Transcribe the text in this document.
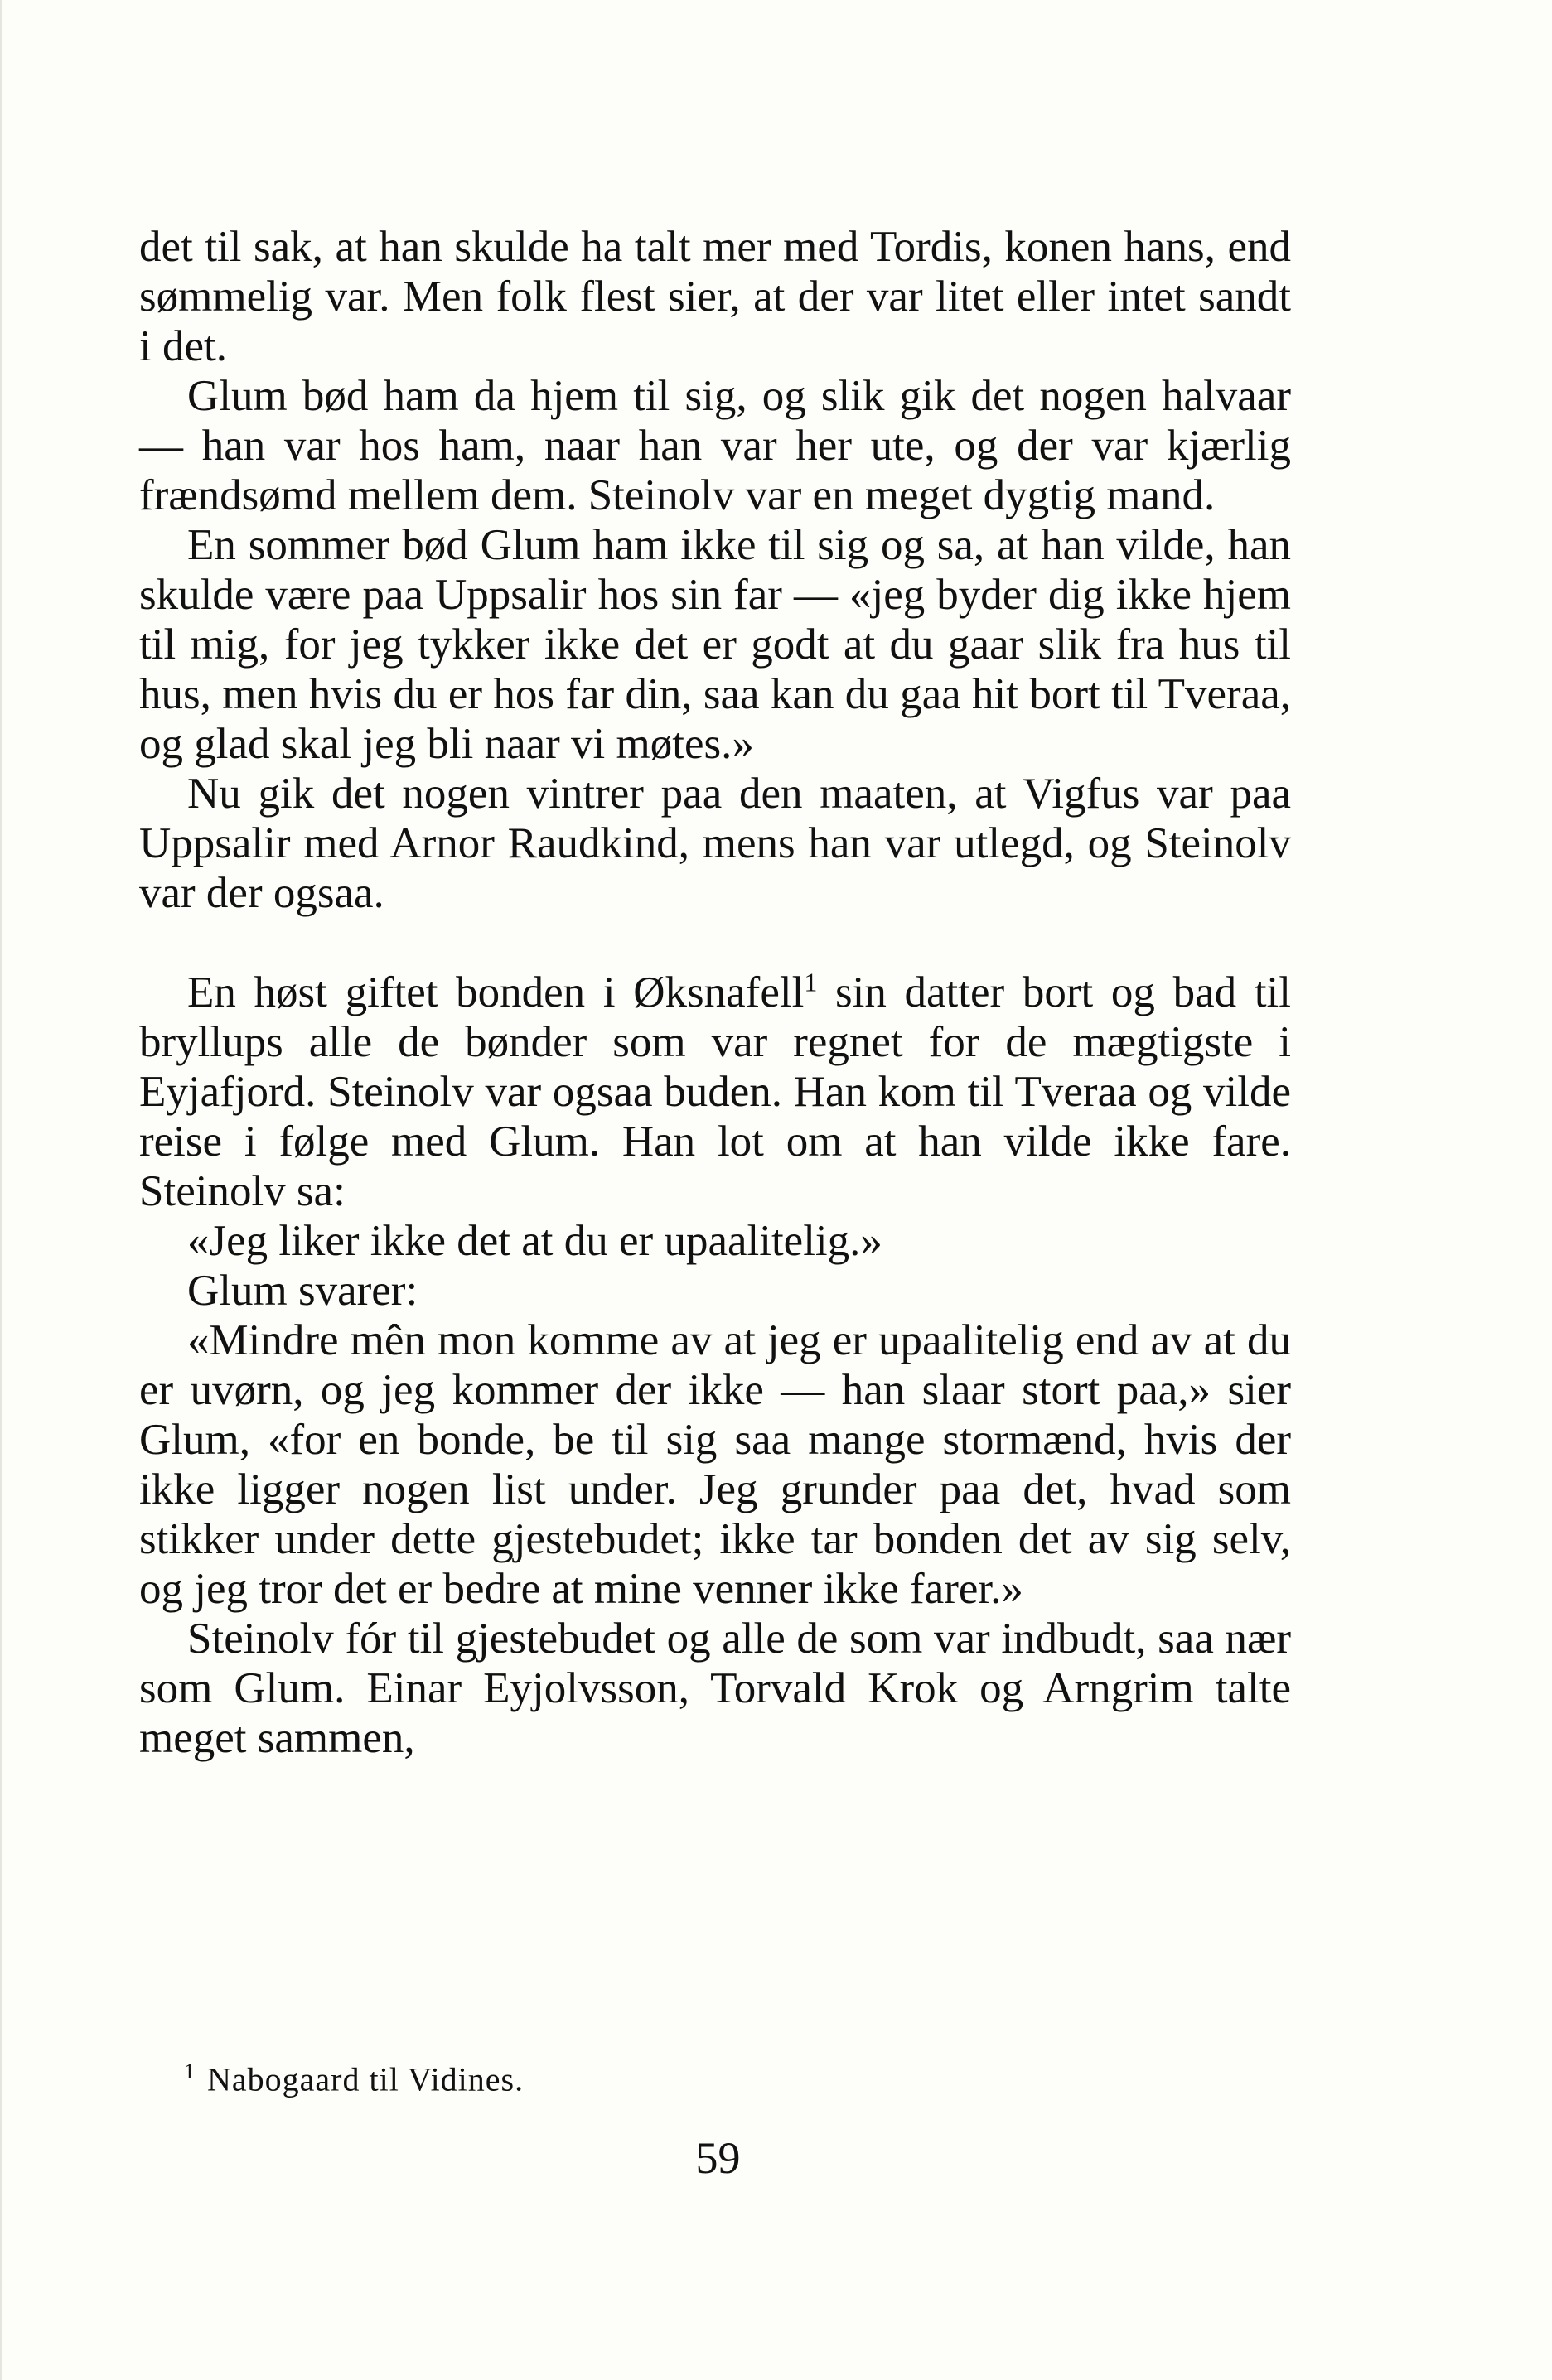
det til sak, at han skulde ha talt mer med Tordis, konen hans, end sømmelig var. Men folk flest sier, at der var litet eller intet sandt i det.

Glum bød ham da hjem til sig, og slik gik det nogen halvaar — han var hos ham, naar han var her ute, og der var kjærlig frændsømd mellem dem. Steinolv var en meget dygtig mand.

En sommer bød Glum ham ikke til sig og sa, at han vilde, han skulde være paa Uppsalir hos sin far — «jeg byder dig ikke hjem til mig, for jeg tykker ikke det er godt at du gaar slik fra hus til hus, men hvis du er hos far din, saa kan du gaa hit bort til Tveraa, og glad skal jeg bli naar vi møtes.»

Nu gik det nogen vintrer paa den maaten, at Vigfus var paa Uppsalir med Arnor Raudkind, mens han var utlegd, og Steinolv var der ogsaa.

En høst giftet bonden i Øksnafell$^1$ sin datter bort og bad til bryllups alle de bønder som var regnet for de mægtigste i Eyjafjord. Steinolv var ogsaa buden. Han kom til Tveraa og vilde reise i følge med Glum. Han lot om at han vilde ikke fare. Steinolv sa:

«Jeg liker ikke det at du er upaalitelig.»

Glum svarer:

«Mindre mên mon komme av at jeg er upaalitelig end av at du er uvørn, og jeg kommer der ikke — han slaar stort paa,» sier Glum, «for en bonde, be til sig saa mange stormænd, hvis der ikke ligger nogen list under. Jeg grunder paa det, hvad som stikker under dette gjestebudet; ikke tar bonden det av sig selv, og jeg tror det er bedre at mine venner ikke farer.»

Steinolv fór til gjestebudet og alle de som var indbudt, saa nær som Glum. Einar Eyjolvsson, Torvald Krok og Arngrim talte meget sammen,

$^1$ Nabogaard til Vidines.
59
